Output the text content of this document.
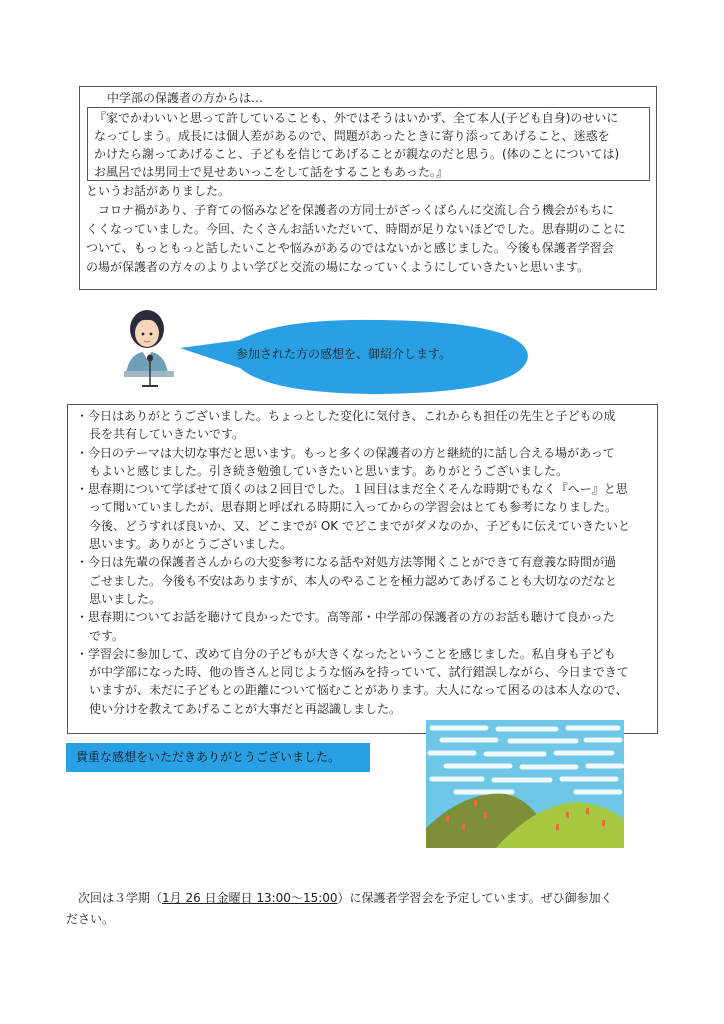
中学部の保護者の方からは…
『家でかわいいと思って許していることも、外ではそうはいかず、全て本人(子ども自身)のせいに
なってしまう。成長には個人差があるので、問題があったときに寄り添ってあげること、迷惑を
かけたら謝ってあげること、子どもを信じてあげることが親なのだと思う。(体のことについては)
お風呂では男同士で見せあいっこをして話をすることもあった。』
というお話がありました。
　コロナ禍があり、子育ての悩みなどを保護者の方同士がざっくばらんに交流し合う機会がもちに
くくなっていました。今回、たくさんお話いただいて、時間が足りないほどでした。思春期のことに
ついて、もっともっと話したいことや悩みがあるのではないかと感じました。今後も保護者学習会
の場が保護者の方々のよりよい学びと交流の場になっていくようにしていきたいと思います。
参加された方の感想を、御紹介します。
・今日はありがとうございました。ちょっとした変化に気付き、これからも担任の先生と子どもの成
長を共有していきたいです。
・今日のテーマは大切な事だと思います。もっと多くの保護者の方と継続的に話し合える場があって
もよいと感じました。引き続き勉強していきたいと思います。ありがとうございました。
・思春期について学ばせて頂くのは２回目でした。１回目はまだ全くそんな時期でもなく『へー』と思
って聞いていましたが、思春期と呼ばれる時期に入ってからの学習会はとても参考になりました。
今後、どうすれば良いか、又、どこまでが OK でどこまでがダメなのか、子どもに伝えていきたいと
思います。ありがとうございました。
・今日は先輩の保護者さんからの大変参考になる話や対処方法等聞くことができて有意義な時間が過
ごせました。今後も不安はありますが、本人のやることを極力認めてあげることも大切なのだなと
思いました。
・思春期についてお話を聴けて良かったです。高等部・中学部の保護者の方のお話も聴けて良かった
です。
・学習会に参加して、改めて自分の子どもが大きくなったということを感じました。私自身も子ども
が中学部になった時、他の皆さんと同じような悩みを持っていて、試行錯誤しながら、今日まできて
いますが、未だに子どもとの距離について悩むことがあります。大人になって困るのは本人なので、
使い分けを教えてあげることが大事だと再認識しました。
貴重な感想をいただきありがとうございました。
　次回は３学期（1月 26 日金曜日 13:00～15:00）に保護者学習会を予定しています。ぜひ御参加く
ださい。
